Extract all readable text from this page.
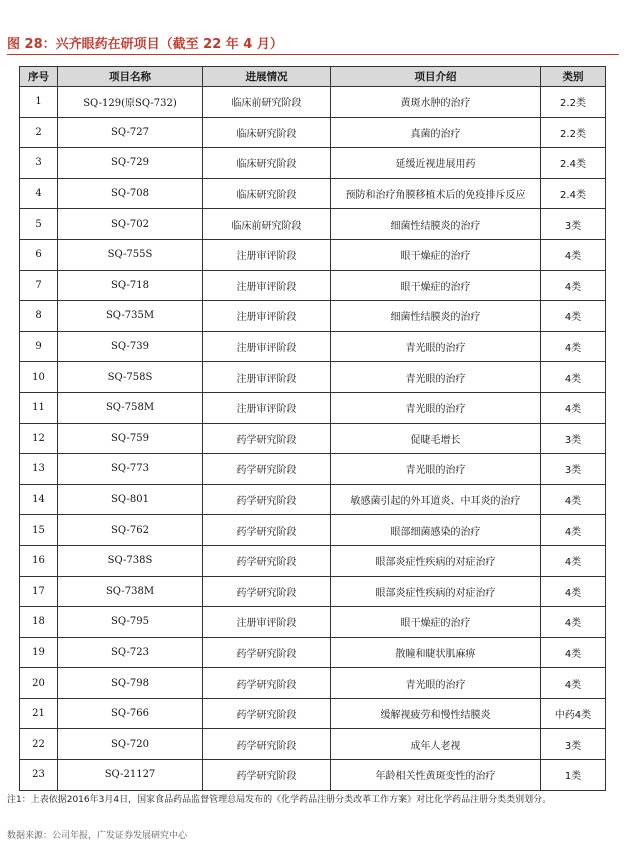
图 28：兴齐眼药在研项目（截至 22 年 4 月）
序号	项目名称	进展情况	项目介绍	类别
1	SQ-129(原SQ-732)	临床前研究阶段	黄斑水肿的治疗	2.2类
2	SQ-727	临床研究阶段	真菌的治疗	2.2类
3	SQ-729	临床研究阶段	延缓近视进展用药	2.4类
4	SQ-708	临床研究阶段	预防和治疗角膜移植术后的免疫排斥反应	2.4类
5	SQ-702	临床前研究阶段	细菌性结膜炎的治疗	3类
6	SQ-755S	注册审评阶段	眼干燥症的治疗	4类
7	SQ-718	注册审评阶段	眼干燥症的治疗	4类
8	SQ-735M	注册审评阶段	细菌性结膜炎的治疗	4类
9	SQ-739	注册审评阶段	青光眼的治疗	4类
10	SQ-758S	注册审评阶段	青光眼的治疗	4类
11	SQ-758M	注册审评阶段	青光眼的治疗	4类
12	SQ-759	药学研究阶段	促睫毛增长	3类
13	SQ-773	药学研究阶段	青光眼的治疗	3类
14	SQ-801	药学研究阶段	敏感菌引起的外耳道炎、中耳炎的治疗	4类
15	SQ-762	药学研究阶段	眼部细菌感染的治疗	4类
16	SQ-738S	药学研究阶段	眼部炎症性疾病的对症治疗	4类
17	SQ-738M	药学研究阶段	眼部炎症性疾病的对症治疗	4类
18	SQ-795	注册审评阶段	眼干燥症的治疗	4类
19	SQ-723	药学研究阶段	散瞳和睫状肌麻痹	4类
20	SQ-798	药学研究阶段	青光眼的治疗	4类
21	SQ-766	药学研究阶段	缓解视疲劳和慢性结膜炎	中药4类
22	SQ-720	药学研究阶段	成年人老视	3类
23	SQ-21127	药学研究阶段	年龄相关性黄斑变性的治疗	1类
注1：上表依据2016年3月4日，国家食品药品监督管理总局发布的《化学药品注册分类改革工作方案》对比化学药品注册分类类别划分。
数据来源：公司年报，广发证券发展研究中心
